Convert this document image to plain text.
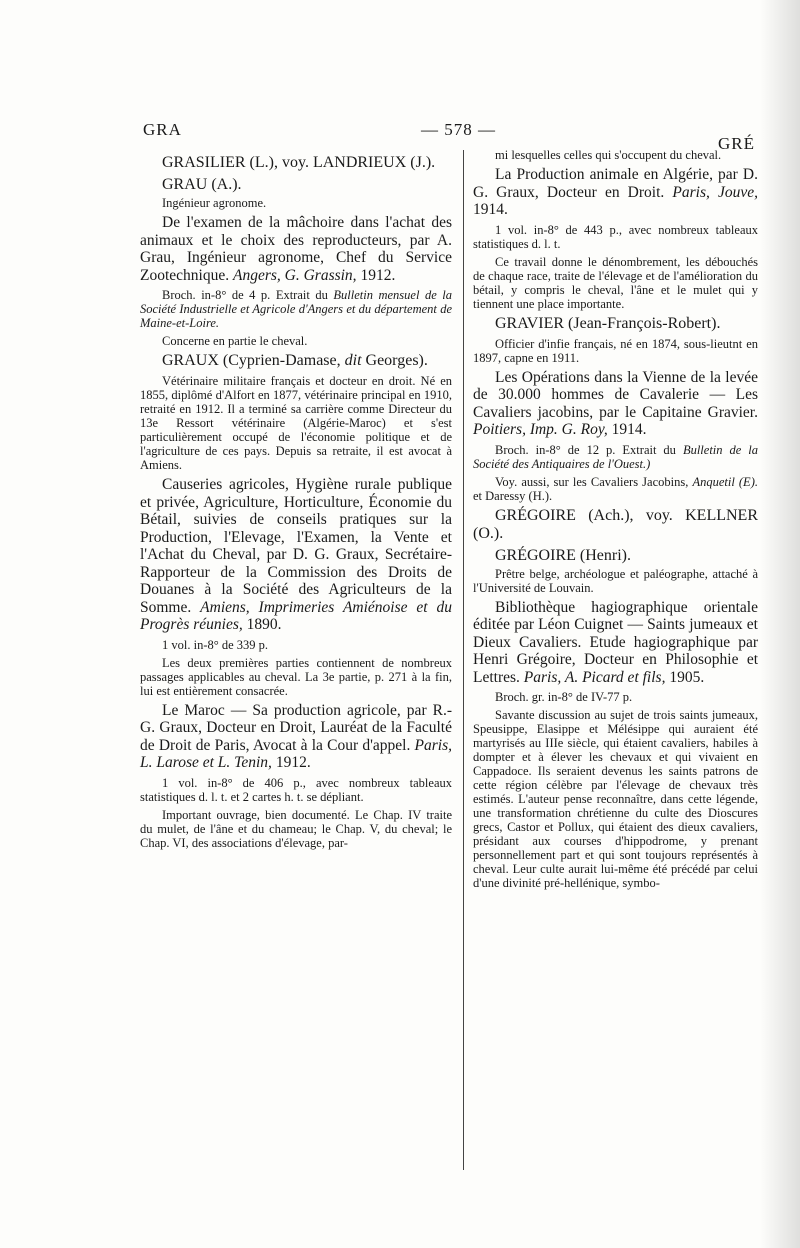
GRA	— 578 —
GRÉ

GRASILIER (L.), voy. LANDRIEUX (J.).

GRAU (A.).

Ingénieur agronome.

De l'examen de la mâchoire dans l'achat des animaux et le choix des reproducteurs, par A. Grau, Ingénieur agronome, Chef du Service Zootechnique. Angers, G. Grassin, 1912.

Broch. in-8° de 4 p. Extrait du Bulletin mensuel de la Société Industrielle et Agricole d'Angers et du département de Maine-et-Loire.

Concerne en partie le cheval.

GRAUX (Cyprien-Damase, dit Georges).

Vétérinaire militaire français et docteur en droit. Né en 1855, diplômé d'Alfort en 1877, vétérinaire principal en 1910, retraité en 1912. Il a terminé sa carrière comme Directeur du 13e Ressort vétérinaire (Algérie-Maroc) et s'est particulièrement occupé de l'économie politique et de l'agriculture de ces pays. Depuis sa retraite, il est avocat à Amiens.

Causeries agricoles, Hygiène rurale publique et privée, Agriculture, Horticulture, Économie du Bétail, suivies de conseils pratiques sur la Production, l'Elevage, l'Examen, la Vente et l'Achat du Cheval, par D. G. Graux, Secrétaire-Rapporteur de la Commission des Droits de Douanes à la Société des Agriculteurs de la Somme. Amiens, Imprimeries Amiénoise et du Progrès réunies, 1890.

1 vol. in-8° de 339 p.

Les deux premières parties contiennent de nombreux passages applicables au cheval. La 3e partie, p. 271 à la fin, lui est entièrement consacrée.

Le Maroc — Sa production agricole, par R.-G. Graux, Docteur en Droit, Lauréat de la Faculté de Droit de Paris, Avocat à la Cour d'appel. Paris, L. Larose et L. Tenin, 1912.

1 vol. in-8° de 406 p., avec nombreux tableaux statistiques d. l. t. et 2 cartes h. t. se dépliant.

Important ouvrage, bien documenté. Le Chap. IV traite du mulet, de l'âne et du chameau; le Chap. V, du cheval; le Chap. VI, des associations d'élevage, par-

mi lesquelles celles qui s'occupent du cheval.

La Production animale en Algérie, par D. G. Graux, Docteur en Droit. Paris, Jouve, 1914.

1 vol. in-8° de 443 p., avec nombreux tableaux statistiques d. l. t.

Ce travail donne le dénombrement, les débouchés de chaque race, traite de l'élevage et de l'amélioration du bétail, y compris le cheval, l'âne et le mulet qui y tiennent une place importante.

GRAVIER (Jean-François-Robert).

Officier d'infie français, né en 1874, sous-lieutnt en 1897, capne en 1911.

Les Opérations dans la Vienne de la levée de 30.000 hommes de Cavalerie — Les Cavaliers jacobins, par le Capitaine Gravier. Poitiers, Imp. G. Roy, 1914.

Broch. in-8° de 12 p. Extrait du Bulletin de la Société des Antiquaires de l'Ouest.)

Voy. aussi, sur les Cavaliers Jacobins, Anquetil (E). et Daressy (H.).

GRÉGOIRE (Ach.), voy. KELLNER (O.).

GRÉGOIRE (Henri).

Prêtre belge, archéologue et paléographe, attaché à l'Université de Louvain.

Bibliothèque hagiographique orientale éditée par Léon Cuignet — Saints jumeaux et Dieux Cavaliers. Etude hagiographique par Henri Grégoire, Docteur en Philosophie et Lettres. Paris, A. Picard et fils, 1905.

Broch. gr. in-8° de IV-77 p.

Savante discussion au sujet de trois saints jumeaux, Speusippe, Elasippe et Mélésippe qui auraient été martyrisés au IIIe siècle, qui étaient cavaliers, habiles à dompter et à élever les chevaux et qui vivaient en Cappadoce. Ils seraient devenus les saints patrons de cette région célèbre par l'élevage de chevaux très estimés. L'auteur pense reconnaître, dans cette légende, une transformation chrétienne du culte des Dioscures grecs, Castor et Pollux, qui étaient des dieux cavaliers, présidant aux courses d'hippodrome, y prenant personnellement part et qui sont toujours représentés à cheval. Leur culte aurait lui-même été précédé par celui d'une divinité pré-hellénique, symbo-
